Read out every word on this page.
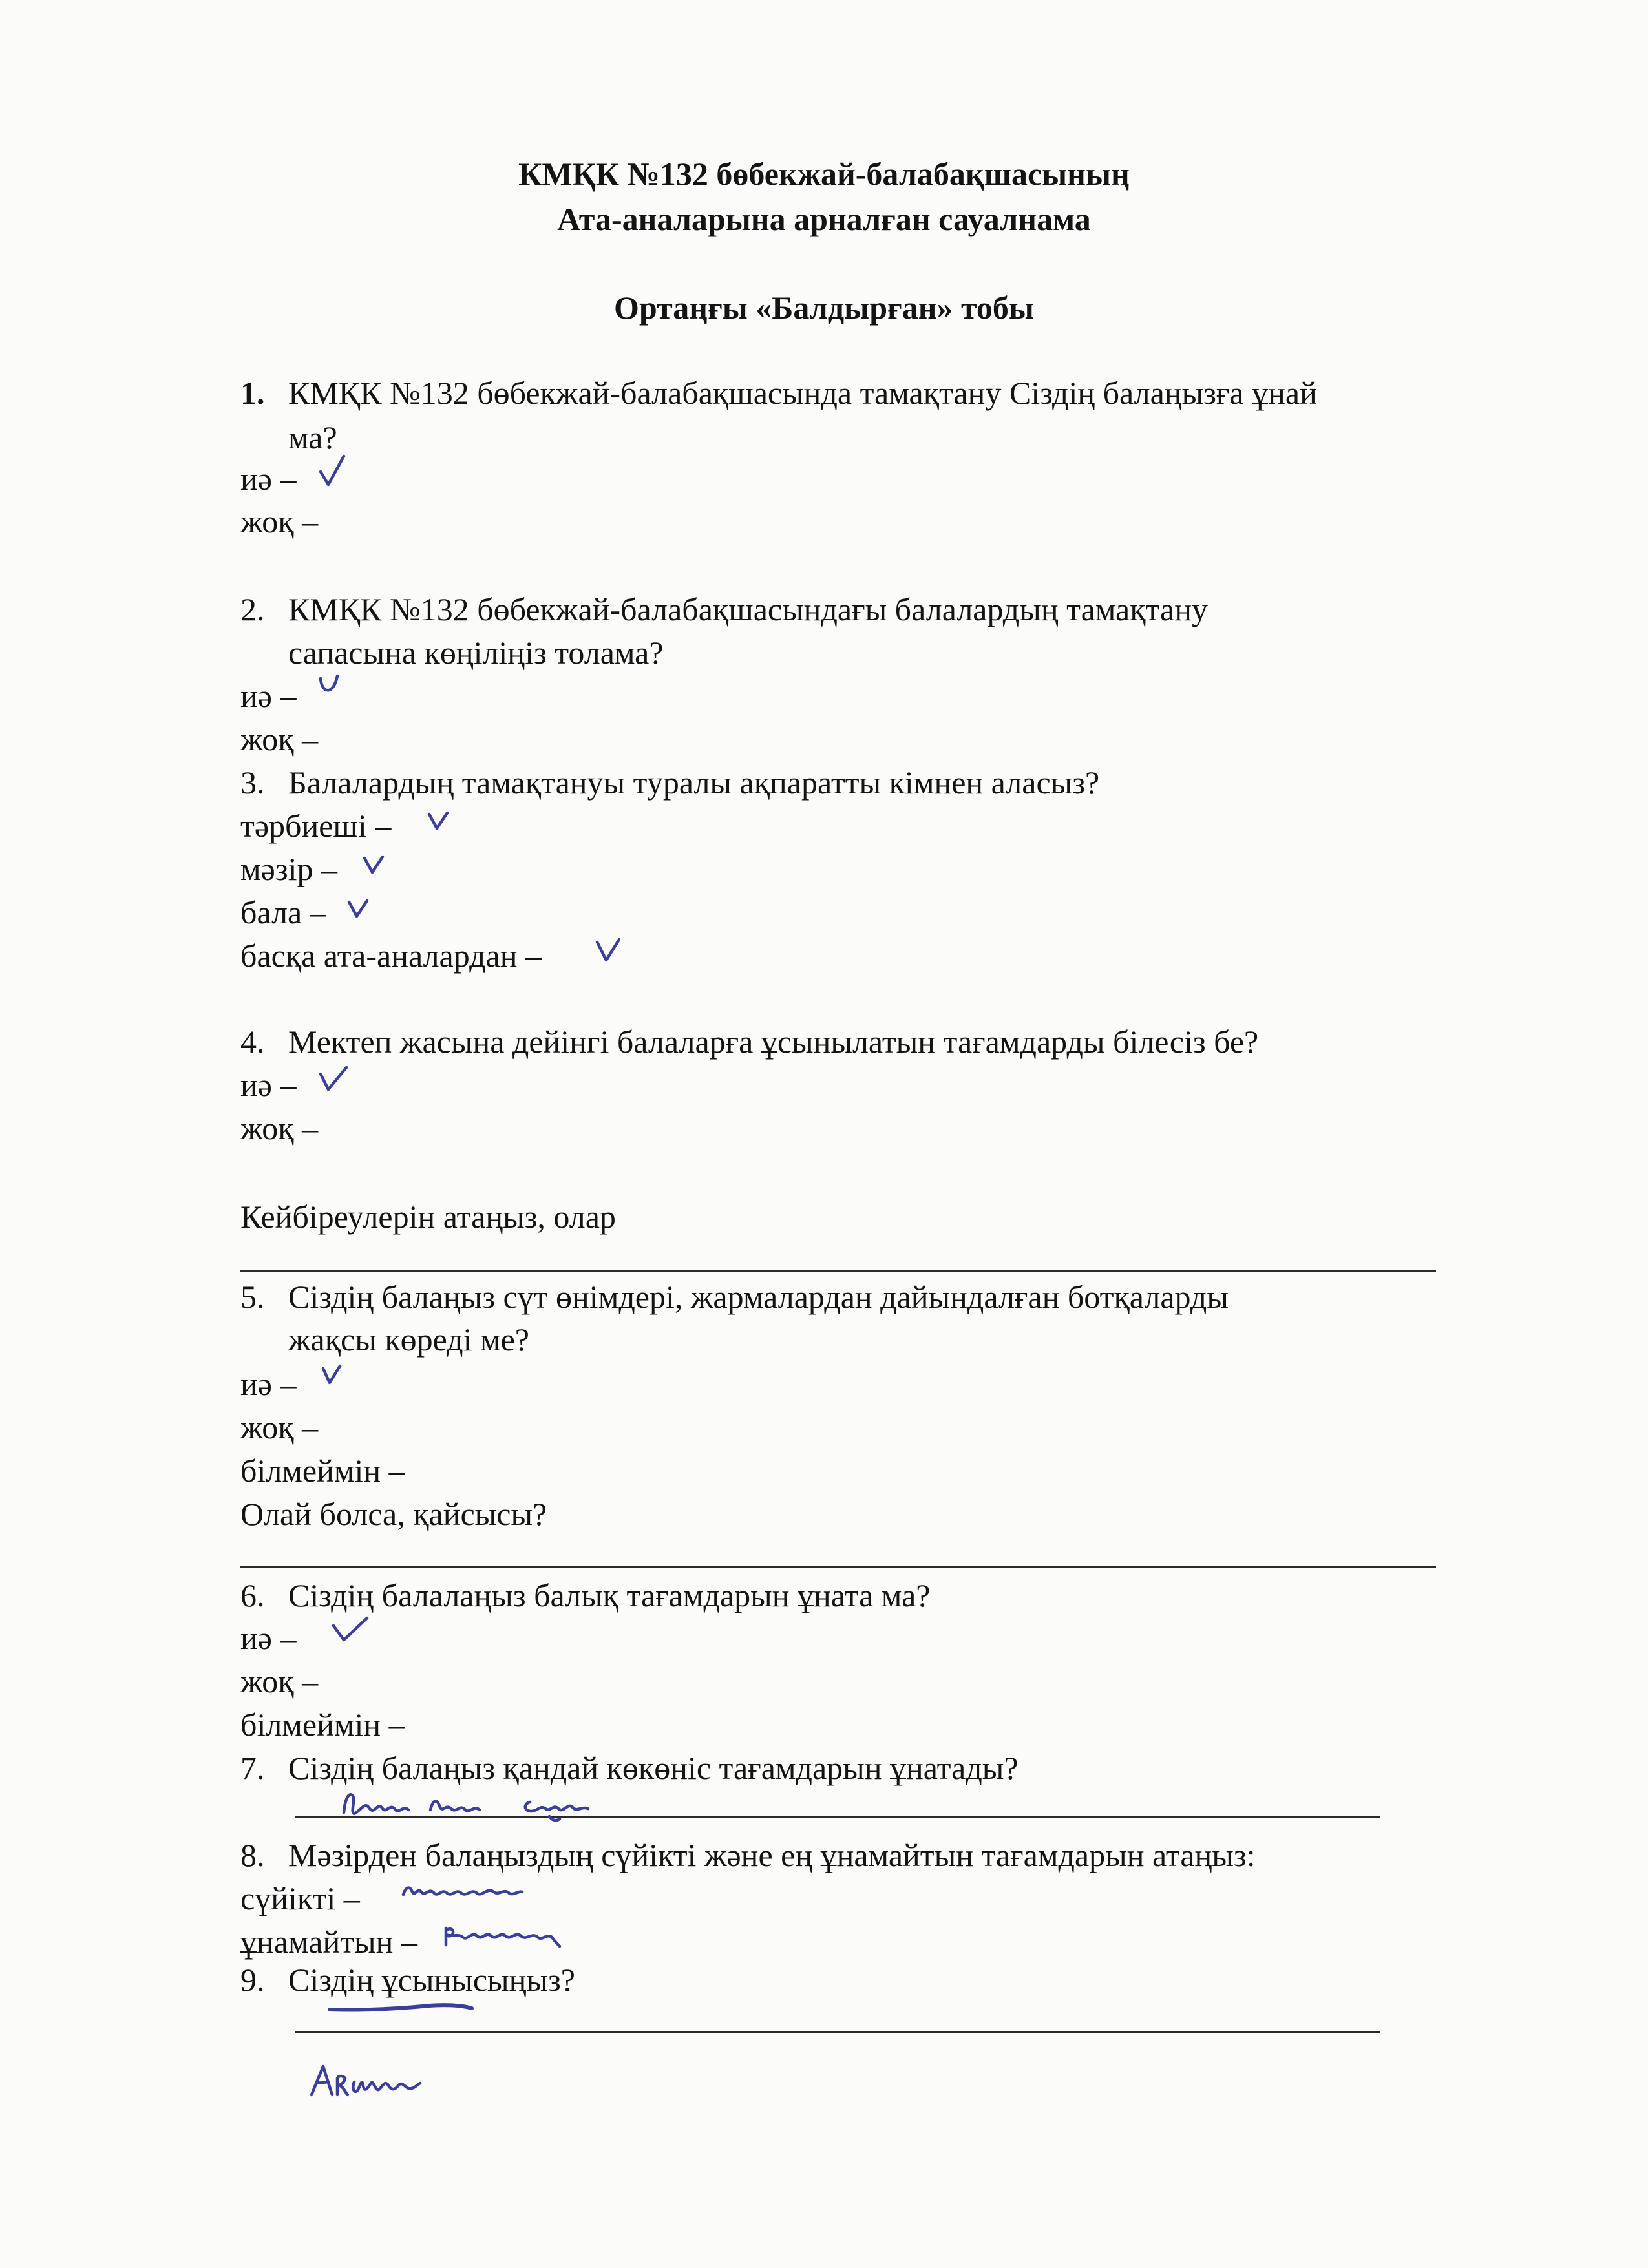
КМҚК №132 бөбекжай-балабақшасының
Ата-аналарына арналған сауалнама
Ортаңғы «Балдырған» тобы
1. КМҚК №132 бөбекжай-балабақшасында тамақтану Сіздің балаңызға ұнай
ма?
иә –
жоқ –
2. КМҚК №132 бөбекжай-балабақшасындағы балалардың тамақтану
сапасына көңіліңіз толама?
иә –
жоқ –
3. Балалардың тамақтануы туралы ақпаратты кімнен аласыз?
тәрбиеші –
мәзір –
бала –
басқа ата-аналардан –
4. Мектеп жасына дейінгі балаларға ұсынылатын тағамдарды білесіз бе?
иә –
жоқ –
Кейбіреулерін атаңыз, олар
5. Сіздің балаңыз сүт өнімдері, жармалардан дайындалған ботқаларды
жақсы көреді ме?
иә –
жоқ –
білмеймін –
Олай болса, қайсысы?
6. Сіздің балалаңыз балық тағамдарын ұната ма?
иә –
жоқ –
білмеймін –
7. Сіздің балаңыз қандай көкөніс тағамдарын ұнатады?
8. Мәзірден балаңыздың сүйікті және ең ұнамайтын тағамдарын атаңыз:
сүйікті –
ұнамайтын –
9. Сіздің ұсынысыңыз?
